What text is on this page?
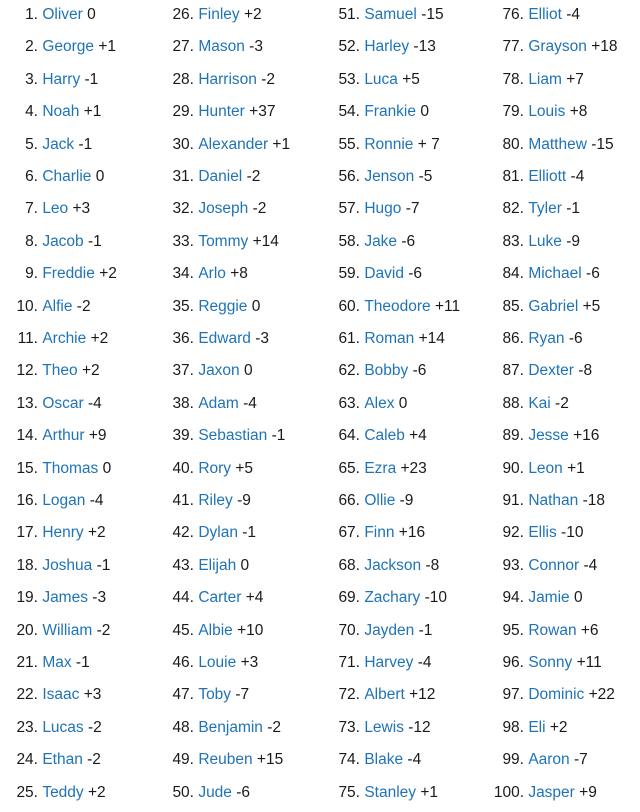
1. Oliver 0
2. George +1
3. Harry -1
4. Noah +1
5. Jack -1
6. Charlie 0
7. Leo +3
8. Jacob -1
9. Freddie +2
10. Alfie -2
11. Archie +2
12. Theo +2
13. Oscar -4
14. Arthur +9
15. Thomas 0
16. Logan -4
17. Henry +2
18. Joshua -1
19. James -3
20. William -2
21. Max -1
22. Isaac +3
23. Lucas -2
24. Ethan -2
25. Teddy +2
26. Finley +2
27. Mason -3
28. Harrison -2
29. Hunter +37
30. Alexander +1
31. Daniel -2
32. Joseph -2
33. Tommy +14
34. Arlo +8
35. Reggie 0
36. Edward -3
37. Jaxon 0
38. Adam -4
39. Sebastian -1
40. Rory +5
41. Riley -9
42. Dylan -1
43. Elijah 0
44. Carter +4
45. Albie +10
46. Louie +3
47. Toby -7
48. Benjamin -2
49. Reuben +15
50. Jude -6
51. Samuel -15
52. Harley -13
53. Luca +5
54. Frankie 0
55. Ronnie + 7
56. Jenson -5
57. Hugo -7
58. Jake -6
59. David -6
60. Theodore +11
61. Roman +14
62. Bobby -6
63. Alex 0
64. Caleb +4
65. Ezra +23
66. Ollie -9
67. Finn +16
68. Jackson -8
69. Zachary -10
70. Jayden -1
71. Harvey -4
72. Albert +12
73. Lewis -12
74. Blake -4
75. Stanley +1
76. Elliot -4
77. Grayson +18
78. Liam +7
79. Louis +8
80. Matthew -15
81. Elliott -4
82. Tyler -1
83. Luke -9
84. Michael -6
85. Gabriel +5
86. Ryan -6
87. Dexter -8
88. Kai -2
89. Jesse +16
90. Leon +1
91. Nathan -18
92. Ellis -10
93. Connor -4
94. Jamie 0
95. Rowan +6
96. Sonny +11
97. Dominic +22
98. Eli +2
99. Aaron -7
100. Jasper +9
